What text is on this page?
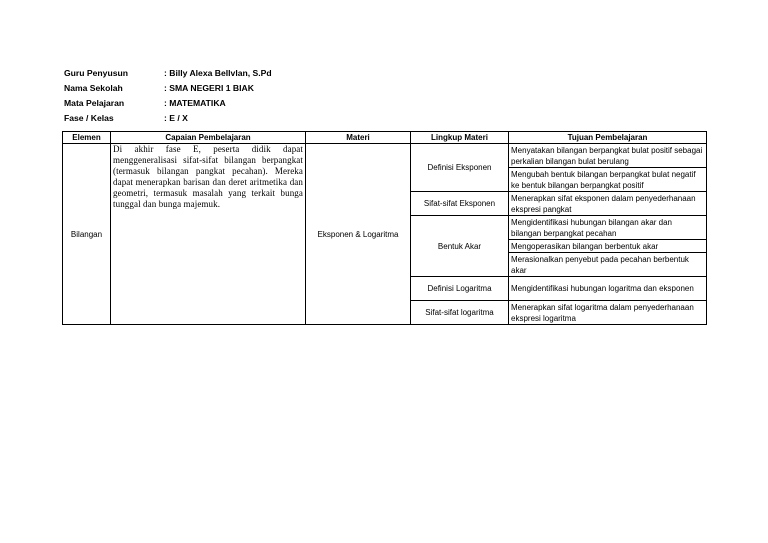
Guru Penyusun	: Billy Alexa Bellvlan, S.Pd
Nama Sekolah	: SMA NEGERI 1 BIAK
Mata Pelajaran	: MATEMATIKA
Fase / Kelas	: E / X
Elemen	Capaian Pembelajaran	Materi	Lingkup Materi	Tujuan Pembelajaran
Bilangan	Di akhir fase E, peserta didik dapat menggeneralisasi sifat-sifat bilangan berpangkat (termasuk bilangan pangkat pecahan). Mereka dapat menerapkan barisan dan deret aritmetika dan geometri, termasuk masalah yang terkait bunga tunggal dan bunga majemuk.	Eksponen & Logaritma	Definisi Eksponen	Menyatakan bilangan berpangkat bulat positif sebagai perkalian bilangan bulat berulang
				Mengubah bentuk bilangan berpangkat bulat negatif ke bentuk bilangan berpangkat positif
			Sifat-sifat Eksponen	Menerapkan sifat eksponen dalam penyederhanaan ekspresi pangkat
			Bentuk Akar	Mengidentifikasi hubungan bilangan akar dan bilangan berpangkat pecahan
				Mengoperasikan bilangan berbentuk akar
				Merasionalkan penyebut pada pecahan berbentuk akar
			Definisi Logaritma	Mengidentifikasi hubungan logaritma dan eksponen
			Sifat-sifat logaritma	Menerapkan sifat logaritma dalam penyederhanaan ekspresi logaritma
